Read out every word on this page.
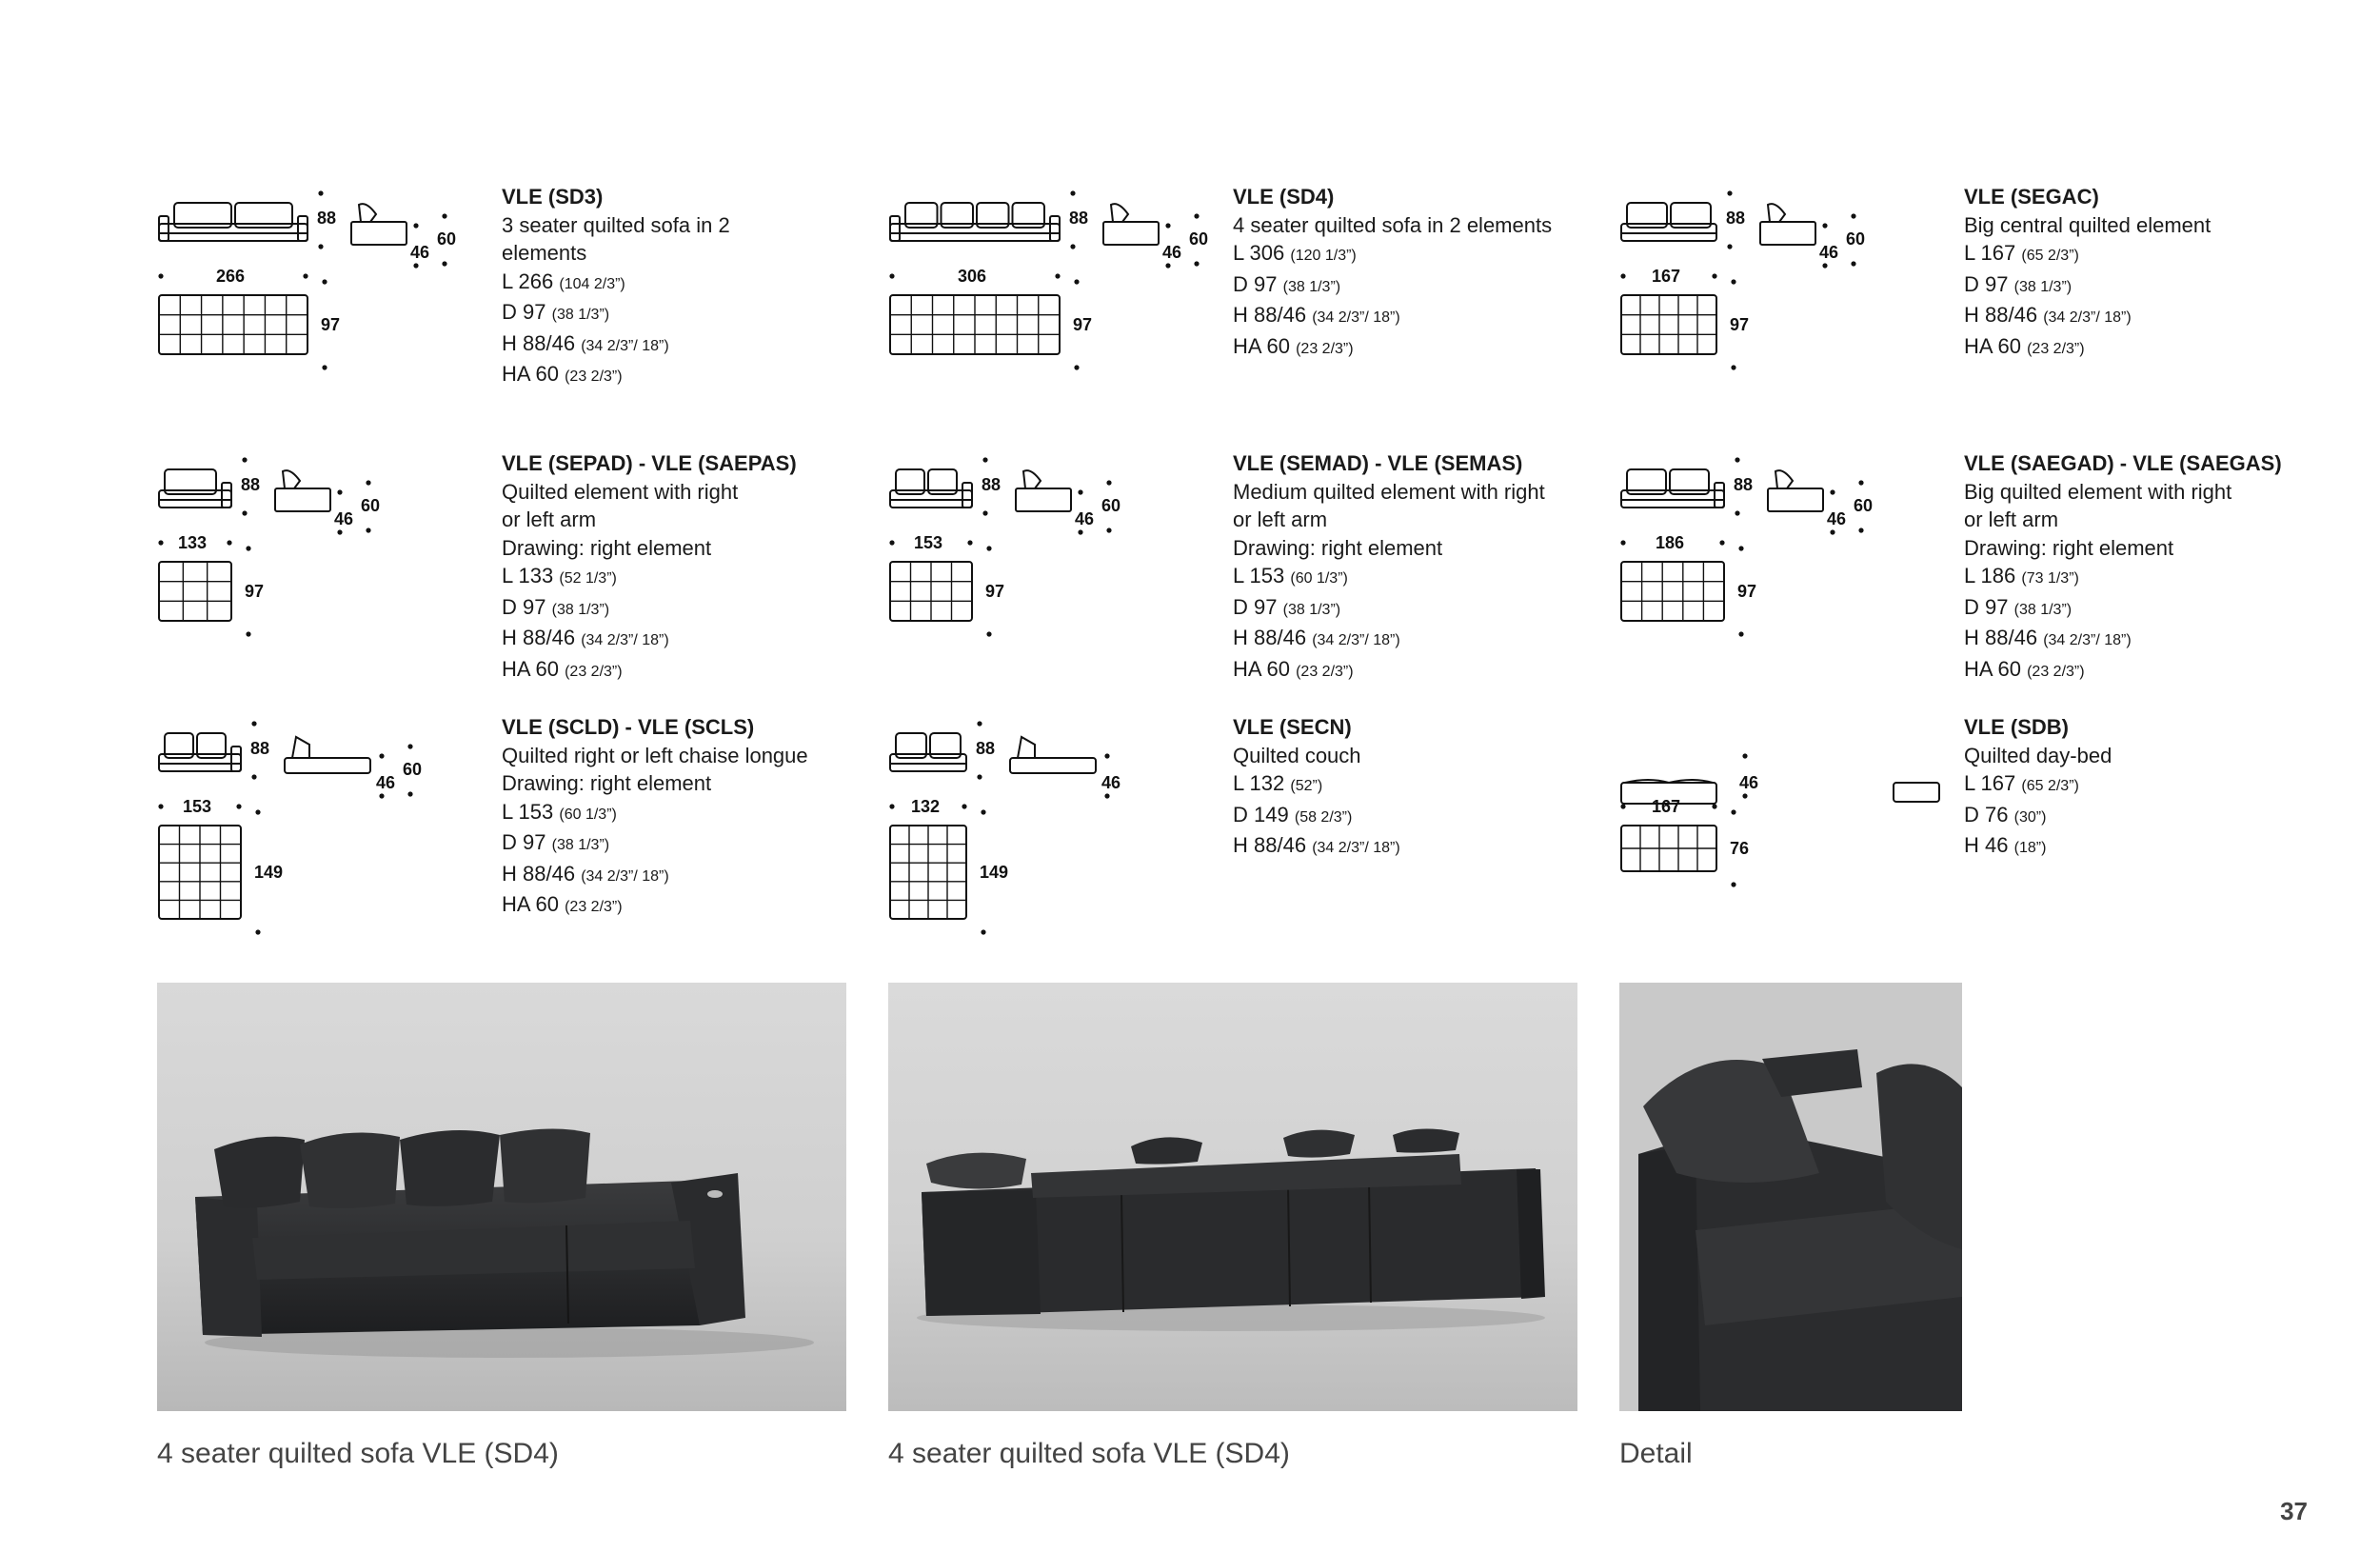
88
46
60
266
97
VLE (SD3)
3 seater quilted sofa in 2
elements
L 266 (104 2/3”)
D 97 (38 1/3”)
H 88/46 (34 2/3”/ 18”)
HA 60 (23 2/3”)
88
46
60
306
97
VLE (SD4)
4 seater quilted sofa in 2 elements
L 306 (120 1/3”)
D 97 (38 1/3”)
H 88/46 (34 2/3”/ 18”)
HA 60 (23 2/3”)
88
46
60
167
97
VLE (SEGAC)
Big central quilted element
L 167 (65 2/3”)
D 97 (38 1/3”)
H 88/46 (34 2/3”/ 18”)
HA 60 (23 2/3”)
88
46
60
133
97
VLE (SEPAD) - VLE (SAEPAS)
Quilted element with right
or left arm
Drawing: right element
L 133 (52 1/3”)
D 97 (38 1/3”)
H 88/46 (34 2/3”/ 18”)
HA 60 (23 2/3”)
88
46
60
153
97
VLE (SEMAD) - VLE (SEMAS)
Medium quilted element with right
or left arm
Drawing: right element
L 153 (60 1/3”)
D 97 (38 1/3”)
H 88/46 (34 2/3”/ 18”)
HA 60 (23 2/3”)
88
46
60
186
97
VLE (SAEGAD) - VLE (SAEGAS)
Big quilted element with right
or left arm
Drawing: right element
L 186 (73 1/3”)
D 97 (38 1/3”)
H 88/46 (34 2/3”/ 18”)
HA 60 (23 2/3”)
88
46
60
153
149
VLE (SCLD) - VLE (SCLS)
Quilted right or left chaise longue
Drawing: right element
L 153 (60 1/3”)
D 97 (38 1/3”)
H 88/46 (34 2/3”/ 18”)
HA 60 (23 2/3”)
88
46
132
149
VLE (SECN)
Quilted couch
L 132 (52”)
D 149 (58 2/3”)
H 88/46 (34 2/3”/ 18”)
46
167
76
VLE (SDB)
Quilted day-bed
L 167 (65 2/3”)
D 76 (30”)
H 46 (18”)
4 seater quilted sofa VLE (SD4)	4 seater quilted sofa VLE (SD4)	Detail
37
